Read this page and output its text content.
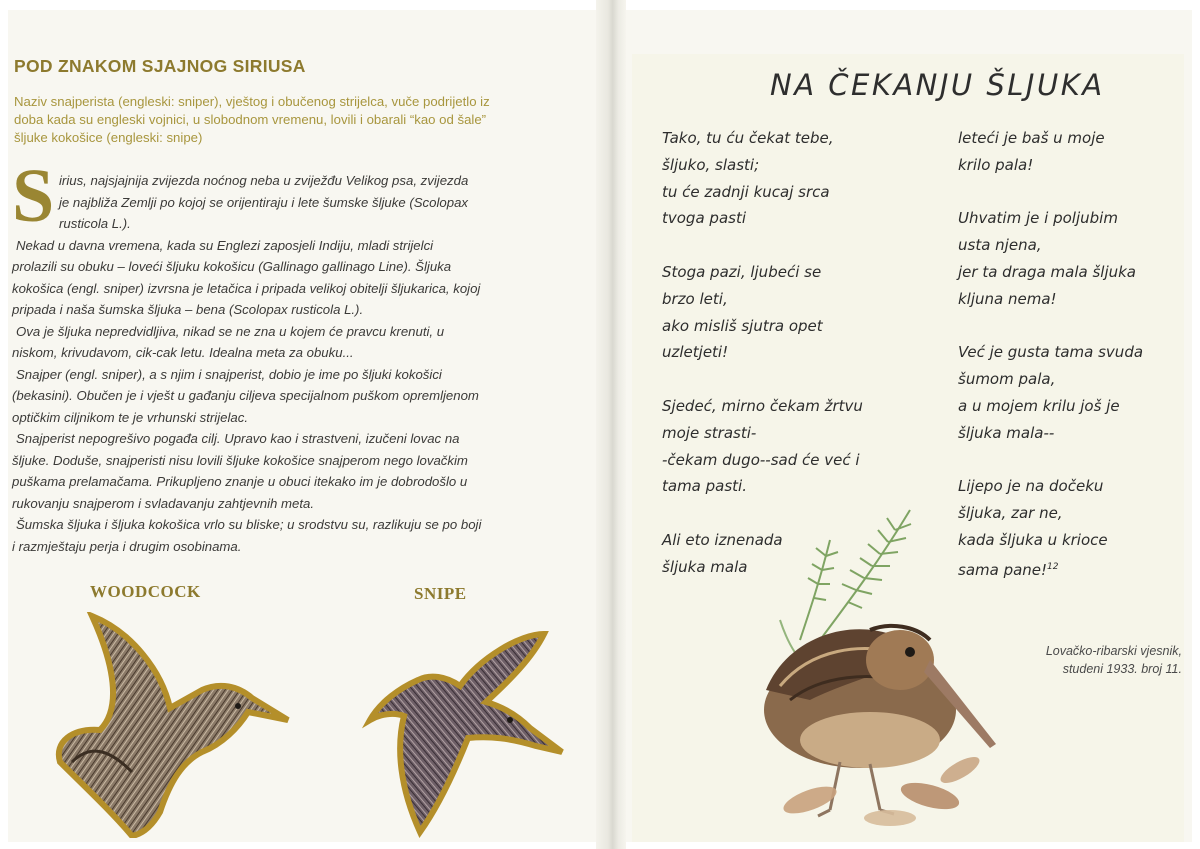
POD ZNAKOM SJAJNOG SIRIUSA

Naziv snajperista (engleski: sniper), vještog i obučenog strijelca, vuče podrijetlo iz
doba kada su engleski vojnici, u slobodnom vremenu, lovili i obarali “kao od šale”
šljuke kokošice (engleski: snipe)

S irius, najsjajnija zvijezda noćnog neba u zviježđu Velikog psa, zvijezda
je najbliža Zemlji po kojoj se orijentiraju i lete šumske šljuke (Scolopax
rusticola L.).
Nekad u davna vremena, kada su Englezi zaposjeli Indiju, mladi strijelci
prolazili su obuku – loveći šljuku kokošicu (Gallinago gallinago Line). Šljuka
kokošica (engl. sniper) izvrsna je letačica i pripada velikoj obitelji šljukarica, kojoj
pripada i naša šumska šljuka – bena (Scolopax rusticola L.).
Ova je šljuka nepredvidljiva, nikad se ne zna u kojem će pravcu krenuti, u
niskom, krivudavom, cik-cak letu. Idealna meta za obuku...
Snajper (engl. sniper), a s njim i snajperist, dobio je ime po šljuki kokošici
(bekasini). Obučen je i vješt u gađanju ciljeva specijalnom puškom opremljenom
optičkim ciljnikom te je vrhunski strijelac.
Snajperist nepogrešivo pogađa cilj. Upravo kao i strastveni, izučeni lovac na
šljuke. Doduše, snajperisti nisu lovili šljuke kokošice snajperom nego lovačkim
puškama prelamačama. Prikupljeno znanje u obuci itekako im je dobrodošlo u
rukovanju snajperom i svladavanju zahtjevnih meta.
Šumska šljuka i šljuka kokošica vrlo su bliske; u srodstvu su, razlikuju se po boji
i razmještaju perja i drugim osobinama.
WOODCOCK	SNIPE
NA ČEKANJU ŠLJUKA
Tako, tu ću čekat tebe,
šljuko, slasti;
tu će zadnji kucaj srca
tvoga pasti
Stoga pazi, ljubeći se
brzo leti,
ako misliš sjutra opet
uzletjeti!
Sjedeć, mirno čekam žrtvu
moje strasti-
-čekam dugo--sad će već i
tama pasti.
Ali eto iznenada
šljuka mala
leteći je baš u moje
krilo pala!
Uhvatim je i poljubim
usta njena,
jer ta draga mala šljuka
kljuna nema!
Već je gusta tama svuda
šumom pala,
a u mojem krilu još je
šljuka mala--
Lijepo je na dočeku
šljuka, zar ne,
kada šljuka u krioce
sama pane!$^{12}$
Lovačko-ribarski vjesnik,
studeni 1933. broj 11.
